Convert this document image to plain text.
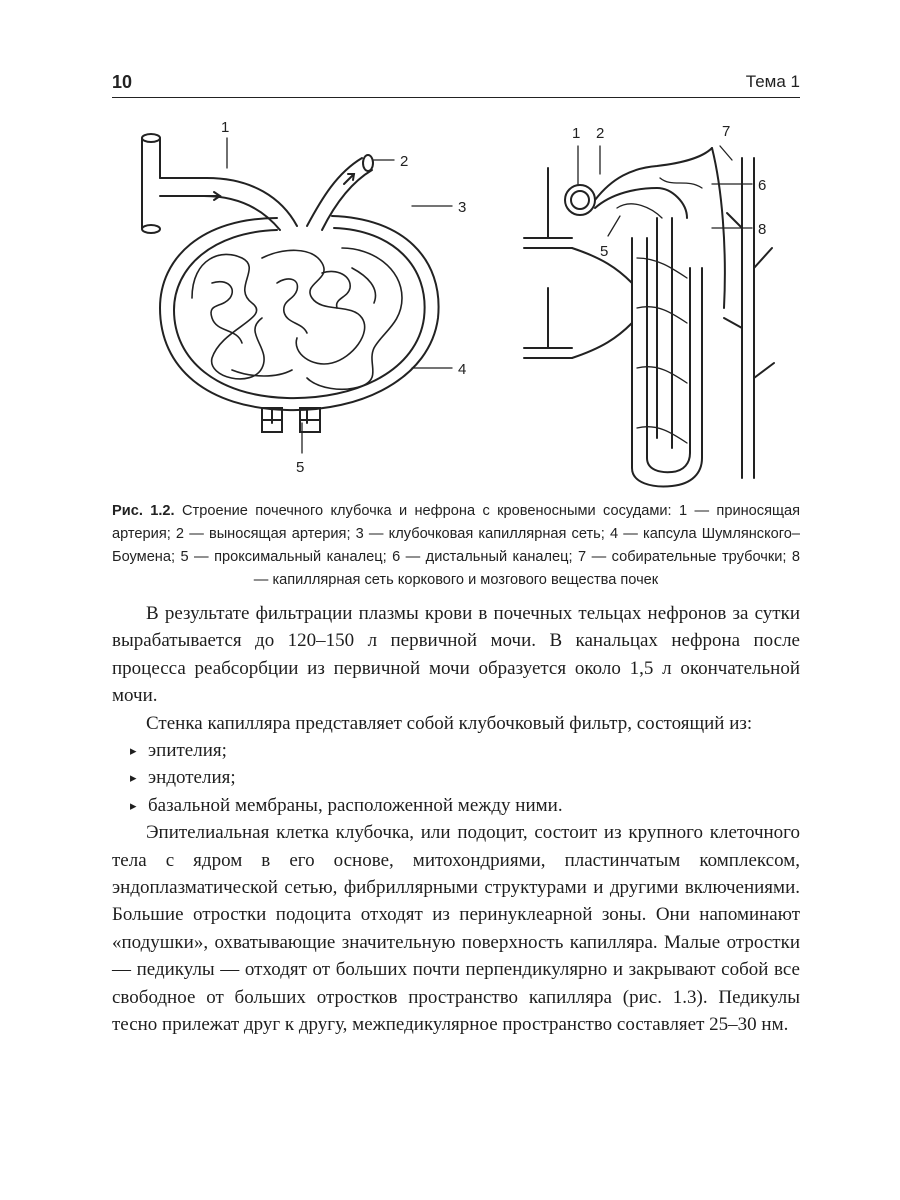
10	Тема 1
1
2
3
4
5
1 2	7
6
8
5
Рис. 1.2. Строение почечного клубочка и нефрона с кровеносными сосудами: 1 — приносящая артерия; 2 — выносящая артерия; 3 — клубочковая капиллярная сеть; 4 — капсула Шумлянского–Боумена; 5 — проксимальный каналец; 6 — дистальный каналец; 7 — собирательные трубочки; 8 — капиллярная сеть коркового и мозгового вещества почек

В результате фильтрации плазмы крови в почечных тельцах нефронов за сутки вырабатывается до 120–150 л первичной мочи. В канальцах нефрона после процесса реабсорбции из первичной мочи образуется около 1,5 л окончательной мочи.

Стенка капилляра представляет собой клубочковый фильтр, состоящий из:

▸ эпителия;
▸ эндотелия;
▸ базальной мембраны, расположенной между ними.

Эпителиальная клетка клубочка, или подоцит, состоит из крупного клеточного тела с ядром в его основе, митохондриями, пластинчатым комплексом, эндоплазматической сетью, фибриллярными структурами и другими включениями. Большие отростки подоцита отходят из перинуклеарной зоны. Они напоминают «подушки», охватывающие значительную поверхность капилляра. Малые отростки — педикулы — отходят от больших почти перпендикулярно и закрывают собой все свободное от больших отростков пространство капилляра (рис. 1.3). Педикулы тесно прилежат друг к другу, межпедикулярное пространство составляет 25–30 нм.
